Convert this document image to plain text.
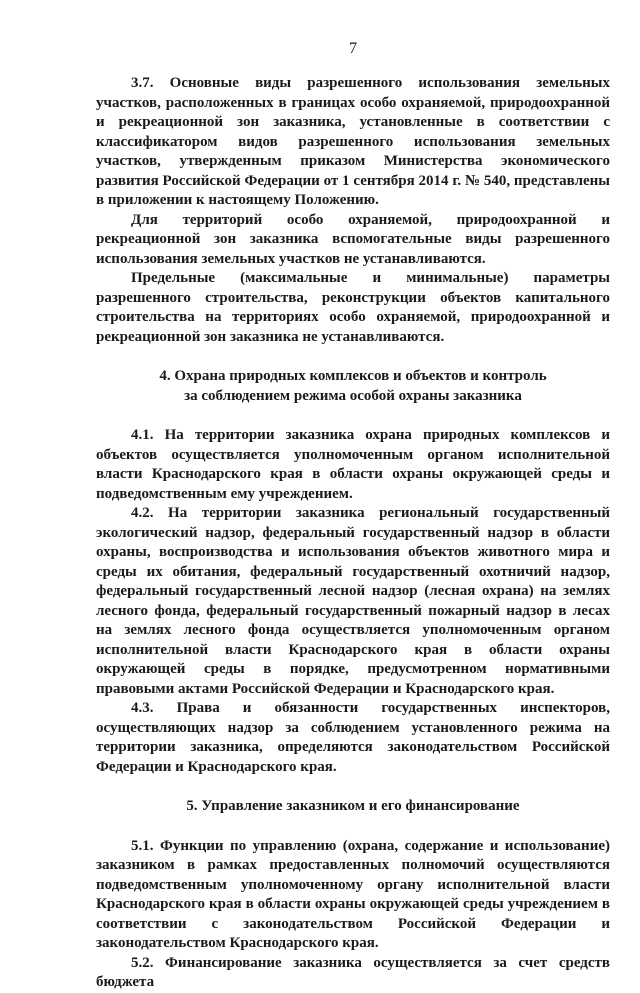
7

3.7. Основные виды разрешенного использования земельных участков, расположенных в границах особо охраняемой, природоохранной и рекреационной зон заказника, установленные в соответствии с классификатором видов разрешенного использования земельных участков, утвержденным приказом Министерства экономического развития Российской Федерации от 1 сентября 2014 г. № 540, представлены в приложении к настоящему Положению.

Для территорий особо охраняемой, природоохранной и рекреационной зон заказника вспомогательные виды разрешенного использования земельных участков не устанавливаются.

Предельные (максимальные и минимальные) параметры разрешенного строительства, реконструкции объектов капитального строительства на территориях особо охраняемой, природоохранной и рекреационной зон заказника не устанавливаются.

4. Охрана природных комплексов и объектов и контроль
за соблюдением режима особой охраны заказника

4.1. На территории заказника охрана природных комплексов и объектов осуществляется уполномоченным органом исполнительной власти Краснодарского края в области охраны окружающей среды и подведомственным ему учреждением.

4.2. На территории заказника региональный государственный экологический надзор, федеральный государственный надзор в области охраны, воспроизводства и использования объектов животного мира и среды их обитания, федеральный государственный охотничий надзор, федеральный государственный лесной надзор (лесная охрана) на землях лесного фонда, федеральный государственный пожарный надзор в лесах на землях лесного фонда осуществляется уполномоченным органом исполнительной власти Краснодарского края в области охраны окружающей среды в порядке, предусмотренном нормативными правовыми актами Российской Федерации и Краснодарского края.

4.3. Права и обязанности государственных инспекторов, осуществляющих надзор за соблюдением установленного режима на территории заказника, определяются законодательством Российской Федерации и Краснодарского края.

5. Управление заказником и его финансирование

5.1. Функции по управлению (охрана, содержание и использование) заказником в рамках предоставленных полномочий осуществляются подведомственным уполномоченному органу исполнительной власти Краснодарского края в области охраны окружающей среды учреждением в соответствии с законодательством Российской Федерации и законодательством Краснодарского края.

5.2. Финансирование заказника осуществляется за счет средств бюджета
